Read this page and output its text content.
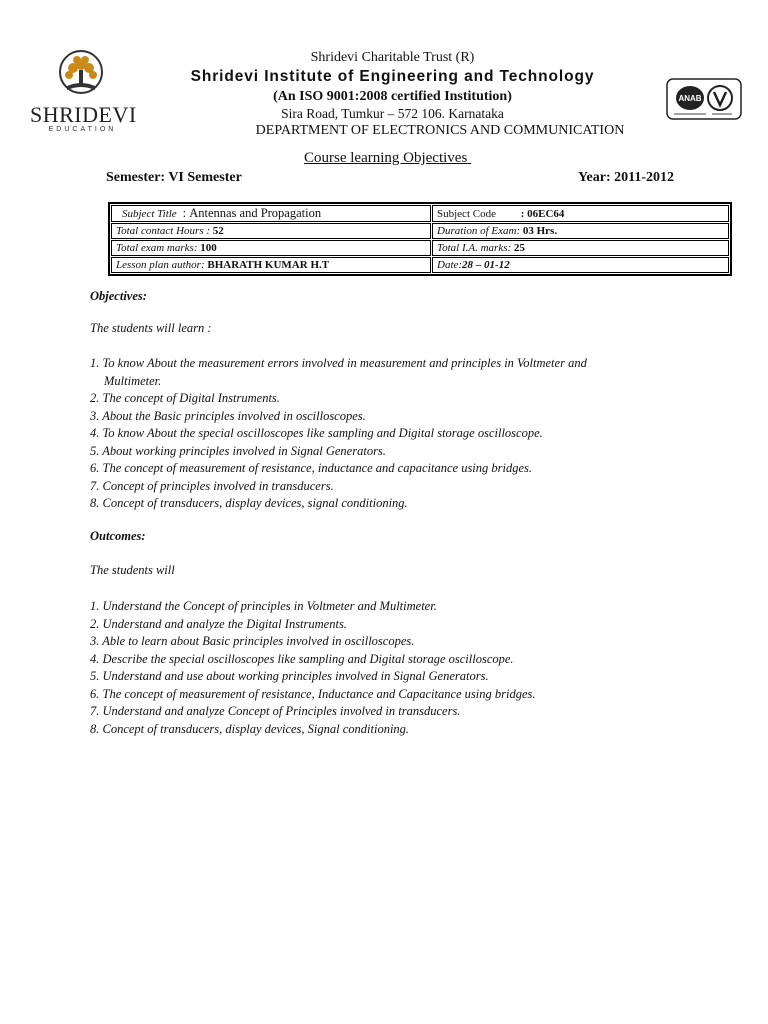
SHRIDEVI
EDUCATION
Shridevi Charitable Trust (R)
Shridevi Institute of Engineering and Technology
(An ISO 9001:2008 certified Institution)
Sira Road, Tumkur – 572 106. Karnataka
DEPARTMENT OF ELECTRONICS AND COMMUNICATION
ANAB
Course learning Objectives
Semester: VI Semester	Year: 2011-2012
Subject Title  : Antennas and Propagation	Subject Code : 06EC64
Total contact Hours : 52	Duration of Exam: 03 Hrs.
Total exam marks: 100	Total I.A. marks: 25
Lesson plan author: BHARATH KUMAR H.T	Date:28 – 01-12
Objectives:
The students will learn :
1. To know About the measurement errors involved in measurement and principles in Voltmeter and
Multimeter.
2. The concept of Digital Instruments.
3. About the Basic principles involved in oscilloscopes.
4. To know About the special oscilloscopes like sampling and Digital storage oscilloscope.
5. About working principles involved in Signal Generators.
6. The concept of measurement of resistance, inductance and capacitance using bridges.
7. Concept of principles involved in transducers.
8. Concept of transducers, display devices, signal conditioning.
Outcomes:
The students will
1. Understand the Concept of principles in Voltmeter and Multimeter.
2. Understand and analyze the Digital Instruments.
3. Able to learn about Basic principles involved in oscilloscopes.
4. Describe the special oscilloscopes like sampling and Digital storage oscilloscope.
5. Understand and use about working principles involved in Signal Generators.
6. The concept of measurement of resistance, Inductance and Capacitance using bridges.
7. Understand and analyze Concept of Principles involved in transducers.
8. Concept of transducers, display devices, Signal conditioning.
